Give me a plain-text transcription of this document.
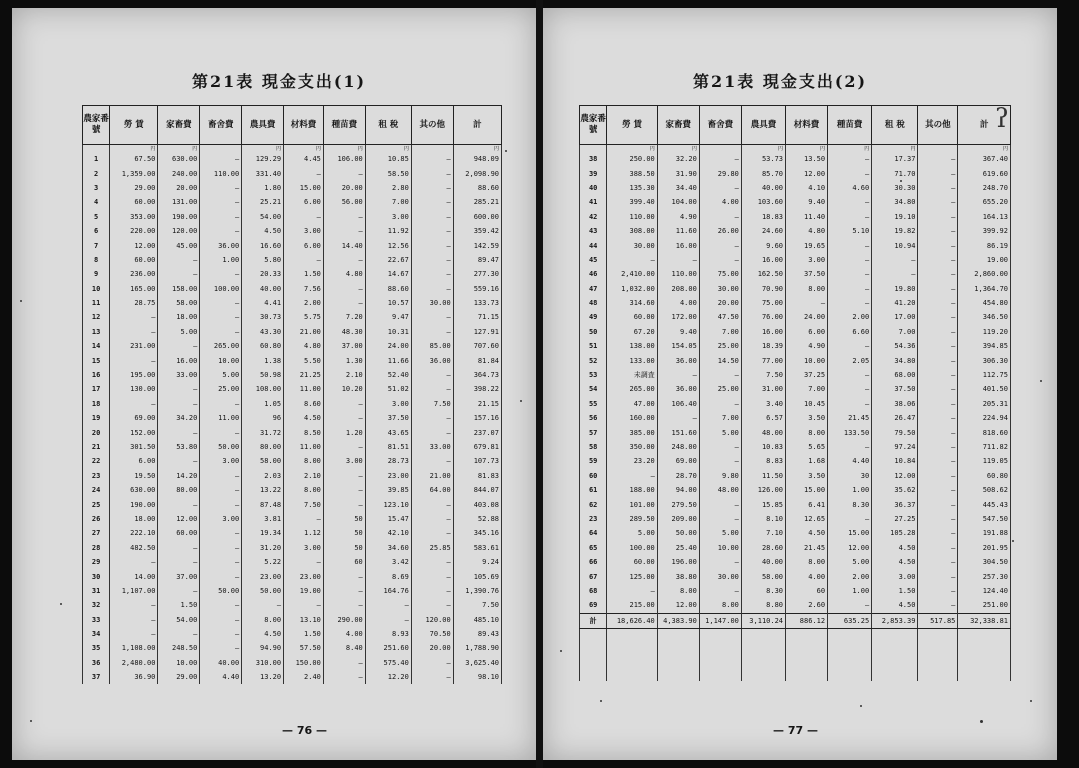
第21表 現金支出(1)
農家番號	勞 賃	家畜費	畜舍費	農具費	材料費	種苗費	租 稅	其の他	計
	円	円		円	円	円	円		円
1	67.50	630.00	—	129.29	4.45	106.00	10.85	—	948.09
2	1,359.00	240.00	110.00	331.40	—	—	58.50	—	2,098.90
3	29.00	20.00	—	1.80	15.00	20.00	2.80	—	88.60
4	60.00	131.00	—	25.21	6.00	56.00	7.00	—	285.21
5	353.00	190.00	—	54.00	—	—	3.00	—	600.00
6	220.00	120.00	—	4.50	3.00	—	11.92	—	359.42
7	12.00	45.00	36.00	16.60	6.00	14.40	12.56	—	142.59
8	60.00	—	1.00	5.80	—	—	22.67	—	89.47
9	236.00	—	—	20.33	1.50	4.80	14.67	—	277.30
10	165.00	158.00	100.00	40.00	7.56	—	88.60	—	559.16
11	28.75	58.00	—	4.41	2.00	—	10.57	30.00	133.73
12	—	18.00	—	30.73	5.75	7.20	9.47	—	71.15
13	—	5.00	—	43.30	21.00	48.30	10.31	—	127.91
14	231.00	—	265.00	60.80	4.80	37.00	24.00	85.00	707.60
15	—	16.00	10.00	1.38	5.50	1.30	11.66	36.00	81.84
16	195.00	33.00	5.00	50.98	21.25	2.10	52.40	—	364.73
17	130.00	—	25.00	108.00	11.00	10.20	51.02	—	398.22
18	—	—	—	1.05	8.60	—	3.00	7.50	21.15
19	69.00	34.20	11.00	96	4.50	—	37.50	—	157.16
20	152.00	—	—	31.72	8.50	1.20	43.65	—	237.07
21	301.50	53.80	50.00	80.00	11.00	—	81.51	33.00	679.81
22	6.00	—	3.00	58.00	8.00	3.00	28.73	—	107.73
23	19.50	14.20	—	2.03	2.10	—	23.00	21.00	81.83
24	630.00	80.00	—	13.22	8.00	—	39.85	64.00	844.07
25	190.00	—	—	87.48	7.50	—	123.10	—	403.08
26	18.00	12.00	3.00	3.81	—	50	15.47	—	52.88
27	222.10	60.00	—	19.34	1.12	50	42.10	—	345.16
28	482.50	—	—	31.20	3.00	50	34.60	25.85	583.61
29	—	—	—	5.22	—	60	3.42	—	9.24
30	14.00	37.00	—	23.00	23.00	—	8.69	—	105.69
31	1,107.00	—	50.00	50.00	19.00	—	164.76	—	1,390.76
32	—	1.50	—	—	—	—	—	—	7.50
33	—	54.00	—	8.00	13.10	290.00	—	120.00	485.10
34	—	—	—	4.50	1.50	4.00	8.93	70.50	89.43
35	1,108.00	248.50	—	94.90	57.50	8.40	251.60	20.00	1,788.90
36	2,480.00	10.00	40.00	310.00	150.00	—	575.40	—	3,625.40
37	36.90	29.00	4.40	13.20	2.40	—	12.20	—	98.10
— 76 —
第21表 現金支出(2)
農家番號	勞 賃	家畜費	畜舍費	農具費	材料費	種苗費	租 稅	其の他	計
	円	円		円	円	円	円		円
38	250.00	32.20	—	53.73	13.50	—	17.37	—	367.40
39	388.50	31.90	29.80	85.70	12.00	—	71.70	—	619.60
40	135.30	34.40	—	40.00	4.10	4.60	30.30	—	248.70
41	399.40	104.00	4.00	103.60	9.40	—	34.80	—	655.20
42	110.00	4.90	—	18.83	11.40	—	19.10	—	164.13
43	308.00	11.60	26.00	24.60	4.80	5.10	19.82	—	399.92
44	30.00	16.00	—	9.60	19.65	—	10.94	—	86.19
45	—	—	—	16.00	3.00	—	—	—	19.00
46	2,410.00	110.00	75.00	162.50	37.50	—	—	—	2,860.00
47	1,032.00	208.00	30.00	70.90	8.00	—	19.80	—	1,364.70
48	314.60	4.00	20.00	75.00	—	—	41.20	—	454.80
49	60.00	172.00	47.50	76.00	24.00	2.00	17.00	—	346.50
50	67.20	9.40	7.00	16.00	6.00	6.60	7.00	—	119.20
51	138.00	154.05	25.00	18.39	4.90	—	54.36	—	394.85
52	133.00	36.00	14.50	77.00	10.00	2.05	34.80	—	306.30
53	未調査	—	—	7.50	37.25	—	68.00	—	112.75
54	265.00	36.00	25.00	31.00	7.00	—	37.50	—	401.50
55	47.00	106.40	—	3.40	10.45	—	38.06	—	205.31
56	160.00	—	7.00	6.57	3.50	21.45	26.47	—	224.94
57	385.00	151.60	5.00	48.00	8.00	133.50	79.50	—	818.60
58	350.00	248.00	—	10.83	5.65	—	97.24	—	711.82
59	23.20	69.00	—	8.83	1.68	4.40	10.84	—	119.05
60	—	28.70	9.80	11.50	3.50	30	12.00	—	60.80
61	188.00	94.00	48.00	126.00	15.00	1.00	35.62	—	508.62
62	101.00	279.50	—	15.85	6.41	8.30	36.37	—	445.43
23	289.50	209.00	—	8.10	12.65	—	27.25	—	547.50
64	5.00	50.00	5.00	7.10	4.50	15.00	105.28	—	191.88
65	100.00	25.40	10.00	28.60	21.45	12.00	4.50	—	201.95
66	60.00	196.00	—	40.00	8.00	5.00	4.50	—	304.50
67	125.00	38.80	30.00	58.00	4.00	2.00	3.00	—	257.30
68	—	8.00	—	8.30	60	1.00	1.50	—	124.40
69	215.00	12.00	8.00	8.80	2.60	—	4.50	—	251.00
計	18,626.40	4,383.90	1,147.00	3,110.24	886.12	635.25	2,853.39	517.85	32,338.81

— 77 —
ʔ
